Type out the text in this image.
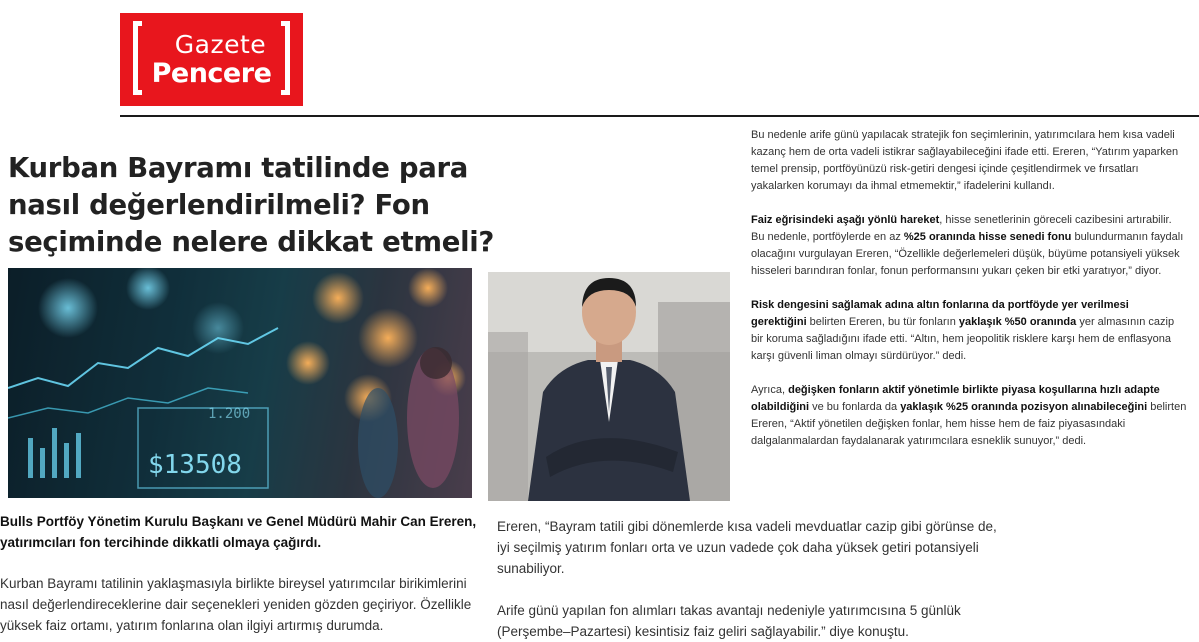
Gazete
Pencere
Kurban Bayramı tatilinde para nasıl değerlendirilmeli? Fon seçiminde nelere dikkat etmeli?
$13508
1.200

Bulls Portföy Yönetim Kurulu Başkanı ve Genel Müdürü Mahir Can Ereren, yatırımcıları fon tercihinde dikkatli olmaya çağırdı.

Kurban Bayramı tatilinin yaklaşmasıyla birlikte bireysel yatırımcılar birikimlerini nasıl değerlendireceklerine dair seçenekleri yeniden gözden geçiriyor. Özellikle yüksek faiz ortamı, yatırım fonlarına olan ilgiyi artırmış durumda.

Ereren, “Bayram tatili gibi dönemlerde kısa vadeli mevduatlar cazip gibi görünse de, iyi seçilmiş yatırım fonları orta ve uzun vadede çok daha yüksek getiri potansiyeli sunabiliyor.

Arife günü yapılan fon alımları takas avantajı nedeniyle yatırımcısına 5 günlük (Perşembe–Pazartesi) kesintisiz faiz geliri sağlayabilir.” diye konuştu.

Bu nedenle arife günü yapılacak stratejik fon seçimlerinin, yatırımcılara hem kısa vadeli kazanç hem de orta vadeli istikrar sağlayabileceğini ifade etti. Ereren, “Yatırım yaparken temel prensip, portföyünüzü risk-getiri dengesi içinde çeşitlendirmek ve fırsatları yakalarken korumayı da ihmal etmemektir,” ifadelerini kullandı.

Faiz eğrisindeki aşağı yönlü hareket, hisse senetlerinin göreceli cazibesini artırabilir. Bu nedenle, portföylerde en az %25 oranında hisse senedi fonu bulundurmanın faydalı olacağını vurgulayan Ereren, “Özellikle değerlemeleri düşük, büyüme potansiyeli yüksek hisseleri barındıran fonlar, fonun performansını yukarı çeken bir etki yaratıyor,” diyor.

Risk dengesini sağlamak adına altın fonlarına da portföyde yer verilmesi gerektiğini belirten Ereren, bu tür fonların yaklaşık %50 oranında yer almasının cazip bir koruma sağladığını ifade etti. “Altın, hem jeopolitik risklere karşı hem de enflasyona karşı güvenli liman olmayı sürdürüyor.” dedi.

Ayrıca, değişken fonların aktif yönetimle birlikte piyasa koşullarına hızlı adapte olabildiğini ve bu fonlarda da yaklaşık %25 oranında pozisyon alınabileceğini belirten Ereren, “Aktif yönetilen değişken fonlar, hem hisse hem de faiz piyasasındaki dalgalanmalardan faydalanarak yatırımcılara esneklik sunuyor,” dedi.
